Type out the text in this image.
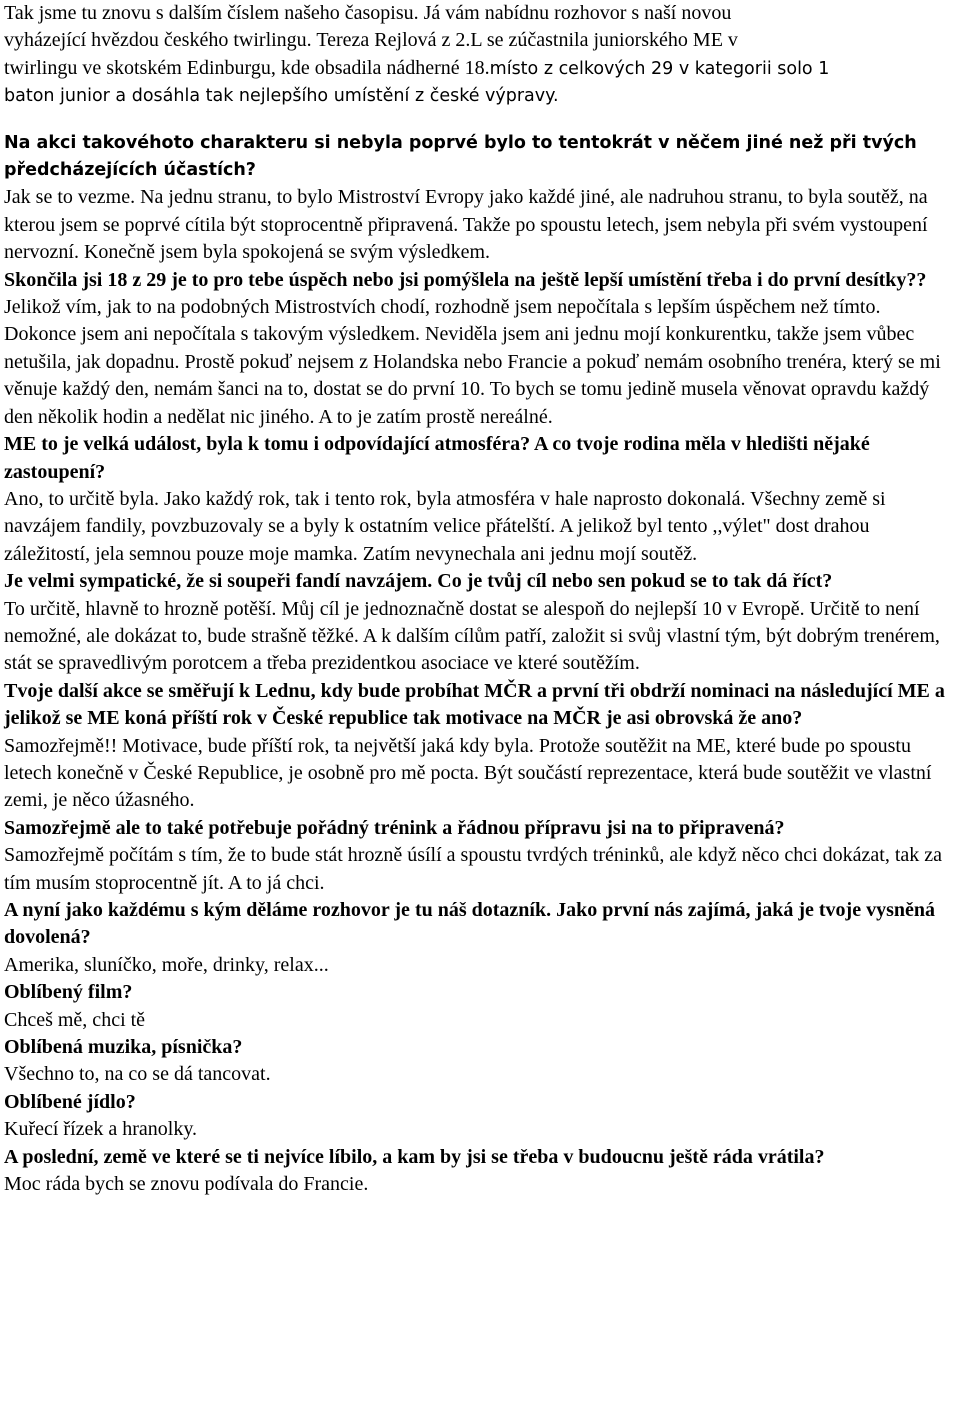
Tak jsme tu znovu s dalším číslem našeho časopisu. Já vám nabídnu rozhovor s naší novou

vyházející hvězdou českého twirlingu. Tereza Rejlová z 2.L se zúčastnila juniorského ME v

twirlingu ve skotském Edinburgu, kde obsadila nádherné 18.místo z celkových 29 v kategorii solo 1

baton junior a dosáhla tak nejlepšího umístění z české výpravy.

Na akci takovéhoto charakteru si nebyla poprvé bylo to tentokrát v něčem jiné než při tvých předcházejících účastích?

Jak se to vezme. Na jednu stranu, to bylo Mistroství Evropy jako každé jiné, ale nadruhou stranu, to byla soutěž, na kterou jsem se poprvé cítila být stoprocentně připravená. Takže po spoustu letech, jsem nebyla při svém vystoupení nervozní. Konečně jsem byla spokojená se svým výsledkem.

Skončila jsi 18 z 29 je to pro tebe úspěch nebo jsi pomýšlela na ještě lepší umístění třeba i do první desítky??

Jelikož vím, jak to na podobných Mistrostvích chodí, rozhodně jsem nepočítala s lepším úspěchem než tímto. Dokonce jsem ani nepočítala s takovým výsledkem. Neviděla jsem ani jednu mojí konkurentku, takže jsem vůbec netušila, jak dopadnu. Prostě pokuď nejsem z Holandska nebo Francie a pokuď nemám osobního trenéra, který se mi věnuje každý den, nemám šanci na to, dostat se do první 10. To bych se tomu jedině musela věnovat opravdu každý den několik hodin a nedělat nic jiného. A to je zatím prostě nereálné.

ME to je velká událost, byla k tomu i odpovídající atmosféra? A co tvoje rodina měla v hledišti nějaké zastoupení?

Ano, to určitě byla. Jako každý rok, tak i tento rok, byla atmosféra v hale naprosto dokonalá. Všechny země si navzájem fandily, povzbuzovaly se a byly k ostatním velice přátelští. A jelikož byl tento ,,výlet" dost drahou záležitostí, jela semnou pouze moje mamka. Zatím nevynechala ani jednu mojí soutěž.

Je velmi sympatické, že si soupeři fandí navzájem. Co je tvůj cíl nebo sen pokud se to tak dá říct?

To určitě, hlavně to hrozně potěší. Můj cíl je jednoznačně dostat se alespoň do nejlepší 10 v Evropě. Určitě to není nemožné, ale dokázat to, bude strašně těžké. A k dalším cílům patří, založit si svůj vlastní tým, být dobrým trenérem, stát se spravedlivým porotcem a třeba prezidentkou asociace ve které soutěžím.

Tvoje další akce se směřují k Lednu, kdy bude probíhat MČR a první tři obdrží nominaci na následující ME a jelikož se ME koná příští rok v České republice tak motivace na MČR je asi obrovská že ano?

Samozřejmě!! Motivace, bude příští rok, ta největší jaká kdy byla. Protože soutěžit na ME, které bude po spoustu letech konečně v České Republice, je osobně pro mě pocta. Být součástí reprezentace, která bude soutěžit ve vlastní zemi, je něco úžasného.

Samozřejmě ale to také potřebuje pořádný trénink a řádnou přípravu jsi na to připravená?

Samozřejmě počítám s tím, že to bude stát hrozně úsílí a spoustu tvrdých tréninků, ale když něco chci dokázat, tak za tím musím stoprocentně jít. A to já chci.

A nyní jako každému s kým děláme rozhovor je tu náš dotazník. Jako první nás zajímá, jaká je tvoje vysněná dovolená?

Amerika, sluníčko, moře, drinky, relax...

Oblíbený film?

Chceš mě, chci tě

Oblíbená muzika, písnička?

Všechno to, na co se dá tancovat.

Oblíbené jídlo?

Kuřecí řízek a hranolky.

A poslední, země ve které se ti nejvíce líbilo, a kam by jsi se třeba v budoucnu ještě ráda vrátila?

Moc ráda bych se znovu podívala do Francie.
